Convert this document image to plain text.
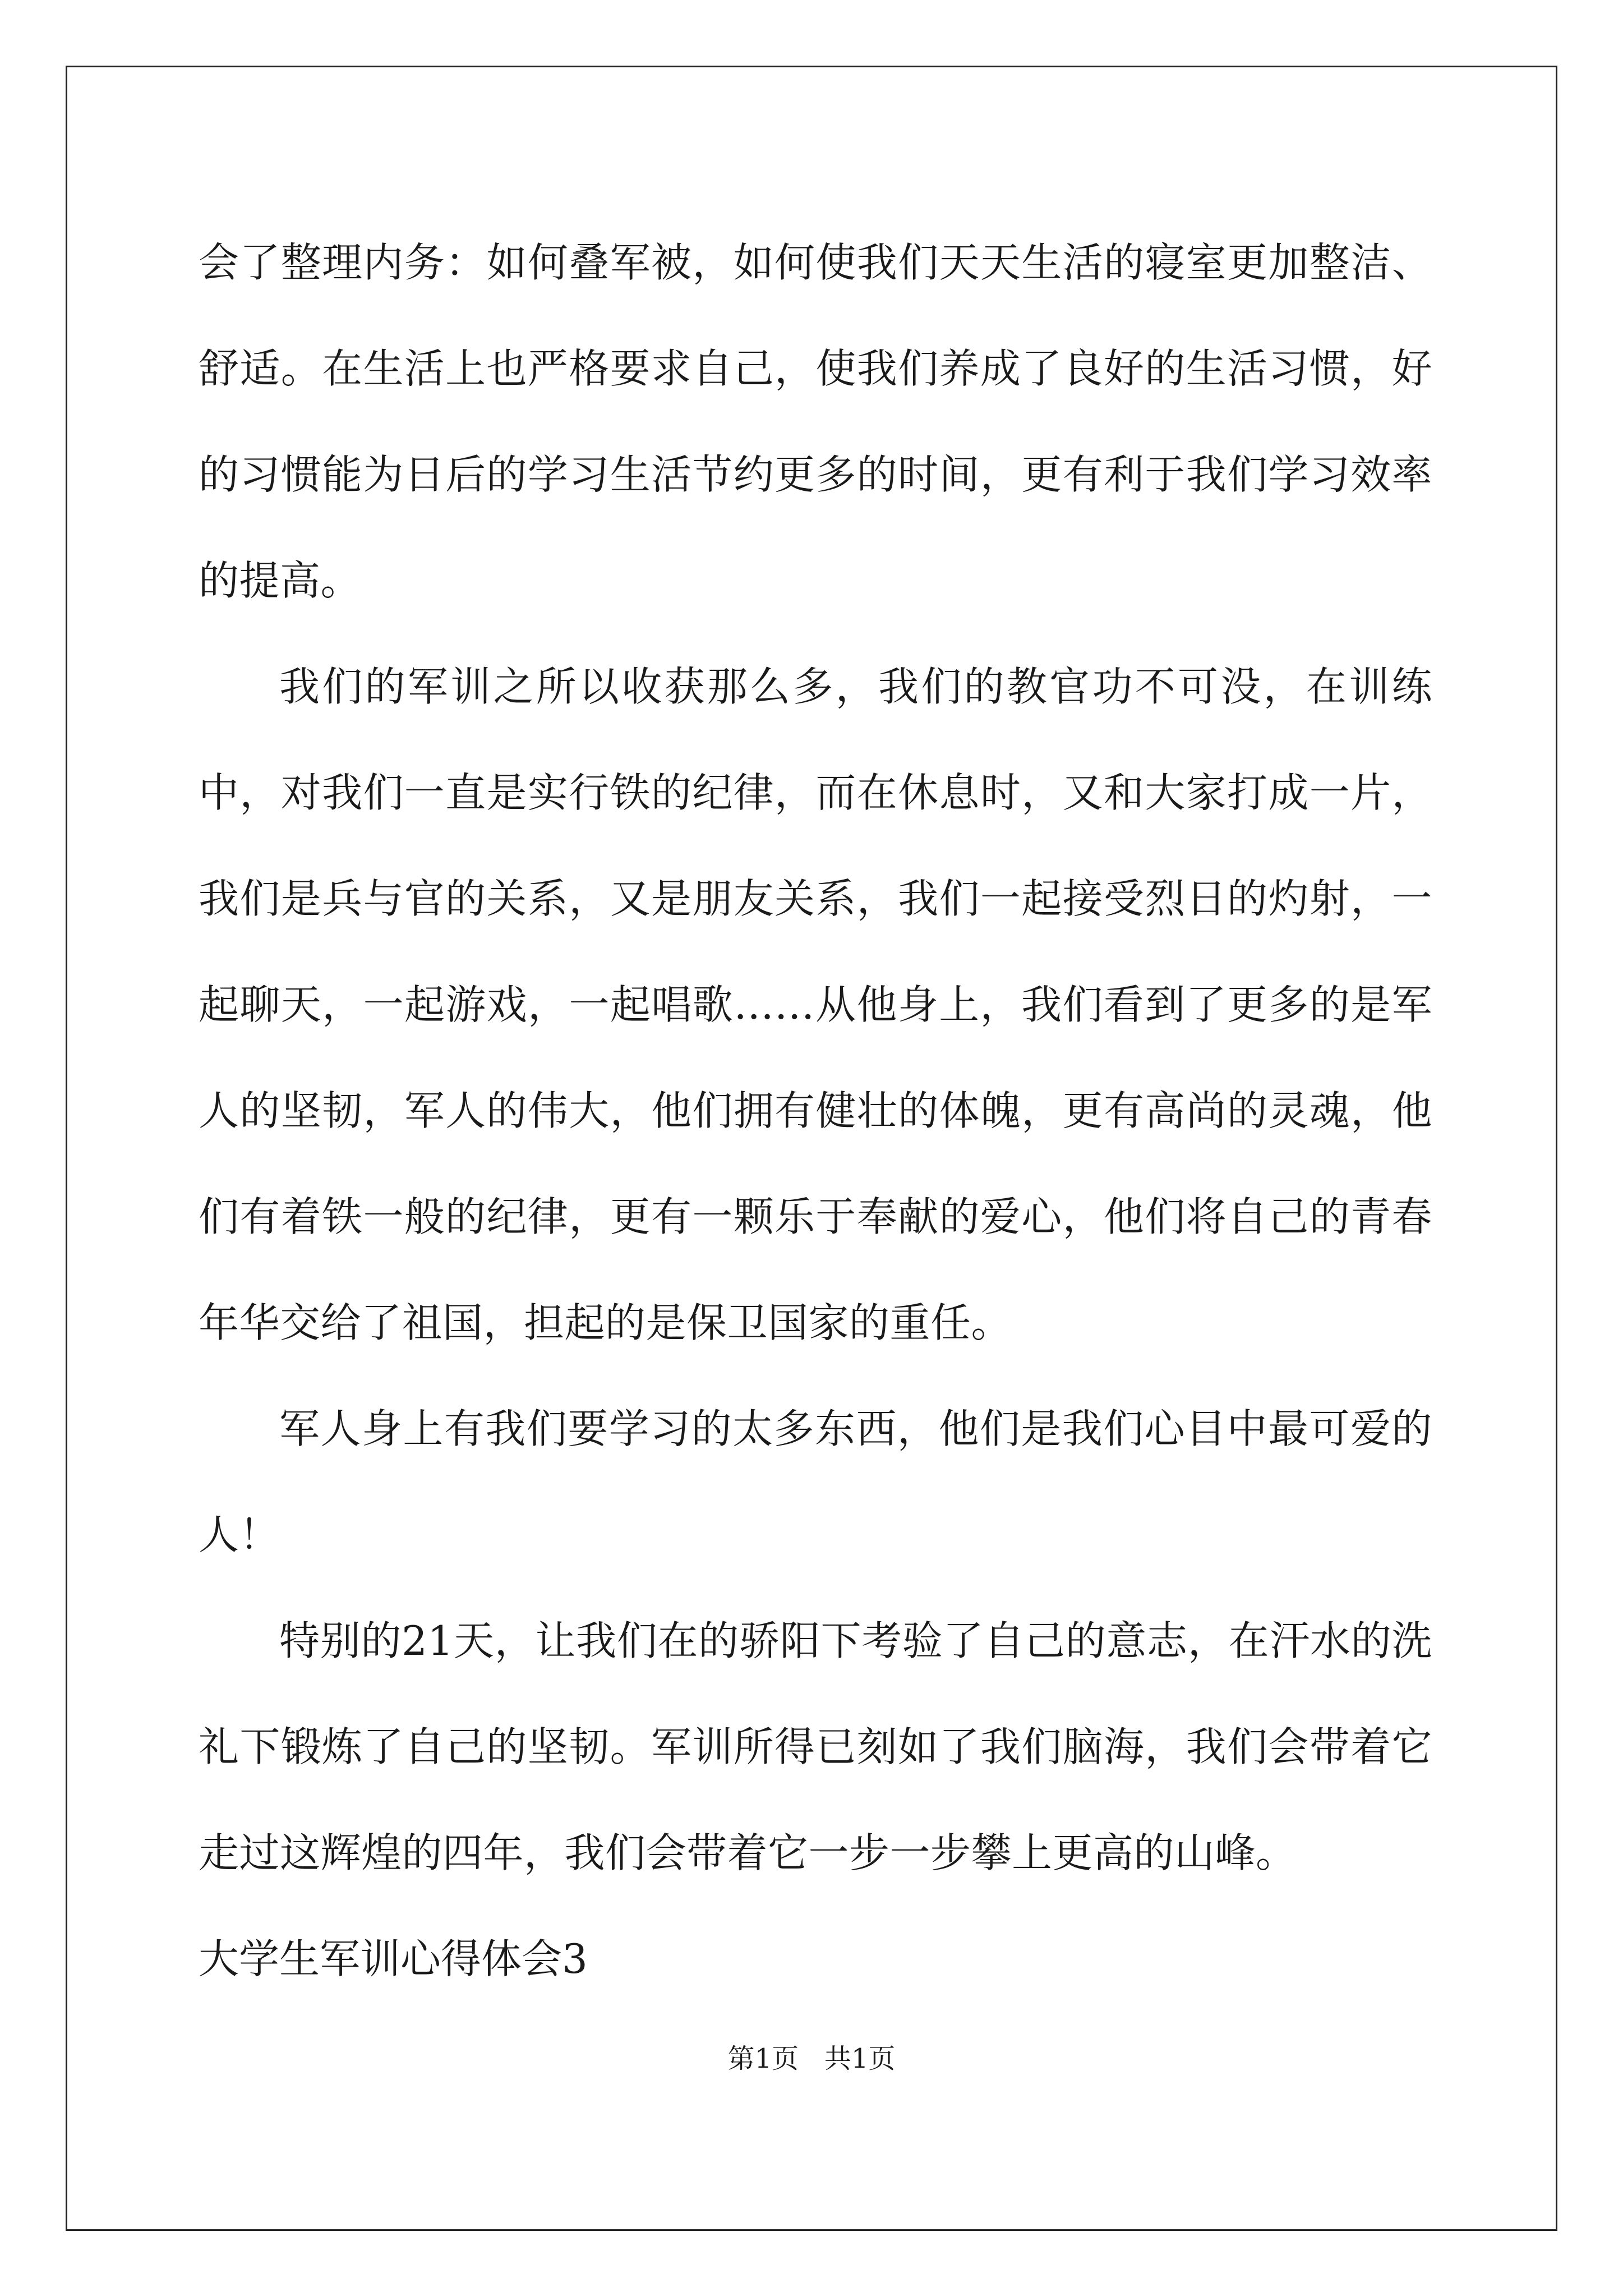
会了整理内务：如何叠军被，如何使我们天天生活的寝室更加整洁、舒适。在生活上也严格要求自己，使我们养成了良好的生活习惯，好的习惯能为日后的学习生活节约更多的时间，更有利于我们学习效率的提高。

我们的军训之所以收获那么多，我们的教官功不可没，在训练中，对我们一直是实行铁的纪律，而在休息时，又和大家打成一片，我们是兵与官的关系，又是朋友关系，我们一起接受烈日的灼射，一起聊天，一起游戏，一起唱歌……从他身上，我们看到了更多的是军人的坚韧，军人的伟大，他们拥有健壮的体魄，更有高尚的灵魂，他们有着铁一般的纪律，更有一颗乐于奉献的爱心，他们将自己的青春年华交给了祖国，担起的是保卫国家的重任。

军人身上有我们要学习的太多东西，他们是我们心目中最可爱的人！

特别的21天，让我们在的骄阳下考验了自己的意志，在汗水的洗礼下锻炼了自己的坚韧。军训所得已刻如了我们脑海，我们会带着它走过这辉煌的四年，我们会带着它一步一步攀上更高的山峰。

大学生军训心得体会3

第1页   共1页
